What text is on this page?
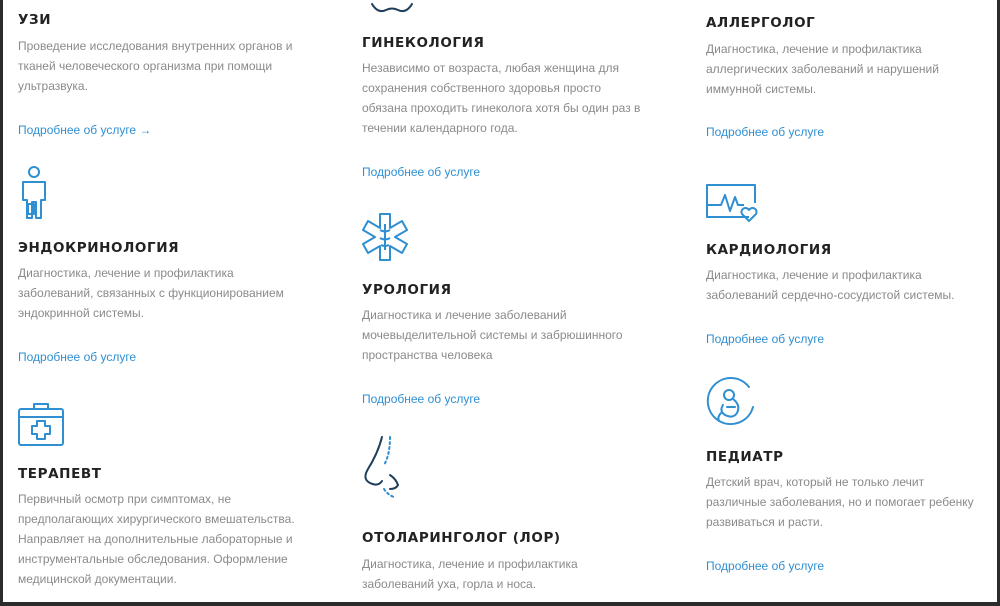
УЗИ

Проведение исследования внутренних органов и тканей человеческого организма при помощи ультразвука.

Подробнее об услуге →
ЭНДОКРИНОЛОГИЯ

Диагностика, лечение и профилактика заболеваний, связанных с функционированием эндокринной системы.

Подробнее об услуге
ТЕРАПЕВТ

Первичный осмотр при симптомах, не предполагающих хирургического вмешательства. Направляет на дополнительные лабораторные и инструментальные обследования. Оформление медицинской документации.

ГИНЕКОЛОГИЯ

Независимо от возраста, любая женщина для сохранения собственного здоровья просто обязана проходить гинеколога хотя бы один раз в течении календарного года.

Подробнее об услуге
УРОЛОГИЯ

Диагностика и лечение заболеваний мочевыделительной системы и забрюшинного пространства человека

Подробнее об услуге
ОТОЛАРИНГОЛОГ (ЛОР)

Диагностика, лечение и профилактика заболеваний уха, горла и носа.

АЛЛЕРГОЛОГ

Диагностика, лечение и профилактика аллергических заболеваний и нарушений иммунной системы.

Подробнее об услуге
КАРДИОЛОГИЯ

Диагностика, лечение и профилактика заболеваний сердечно-сосудистой системы.

Подробнее об услуге
ПЕДИАТР

Детский врач, который не только лечит различные заболевания, но и помогает ребенку развиваться и расти.

Подробнее об услуге
